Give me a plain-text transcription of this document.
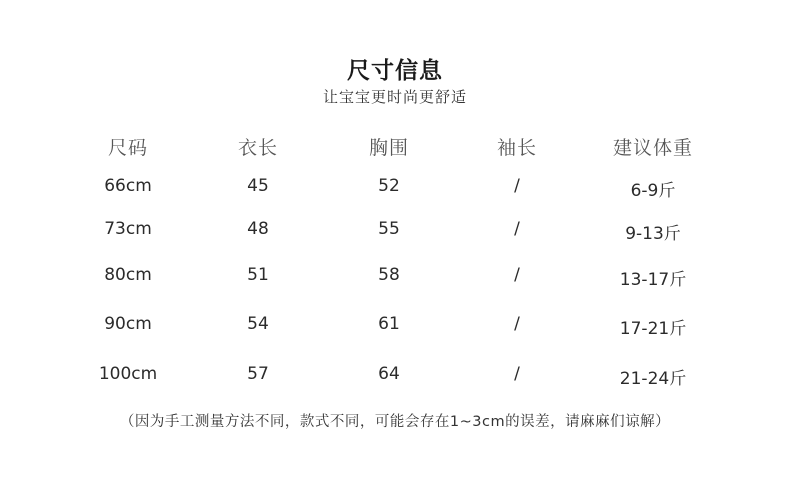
尺寸信息
让宝宝更时尚更舒适
尺码	衣长	胸围	袖长	建议体重
66cm	45	52	/	6-9斤
73cm	48	55	/	9-13斤
80cm	51	58	/	13-17斤
90cm	54	61	/	17-21斤
100cm	57	64	/	21-24斤
（因为手工测量方法不同，款式不同，可能会存在1~3cm的误差，请麻麻们谅解）
